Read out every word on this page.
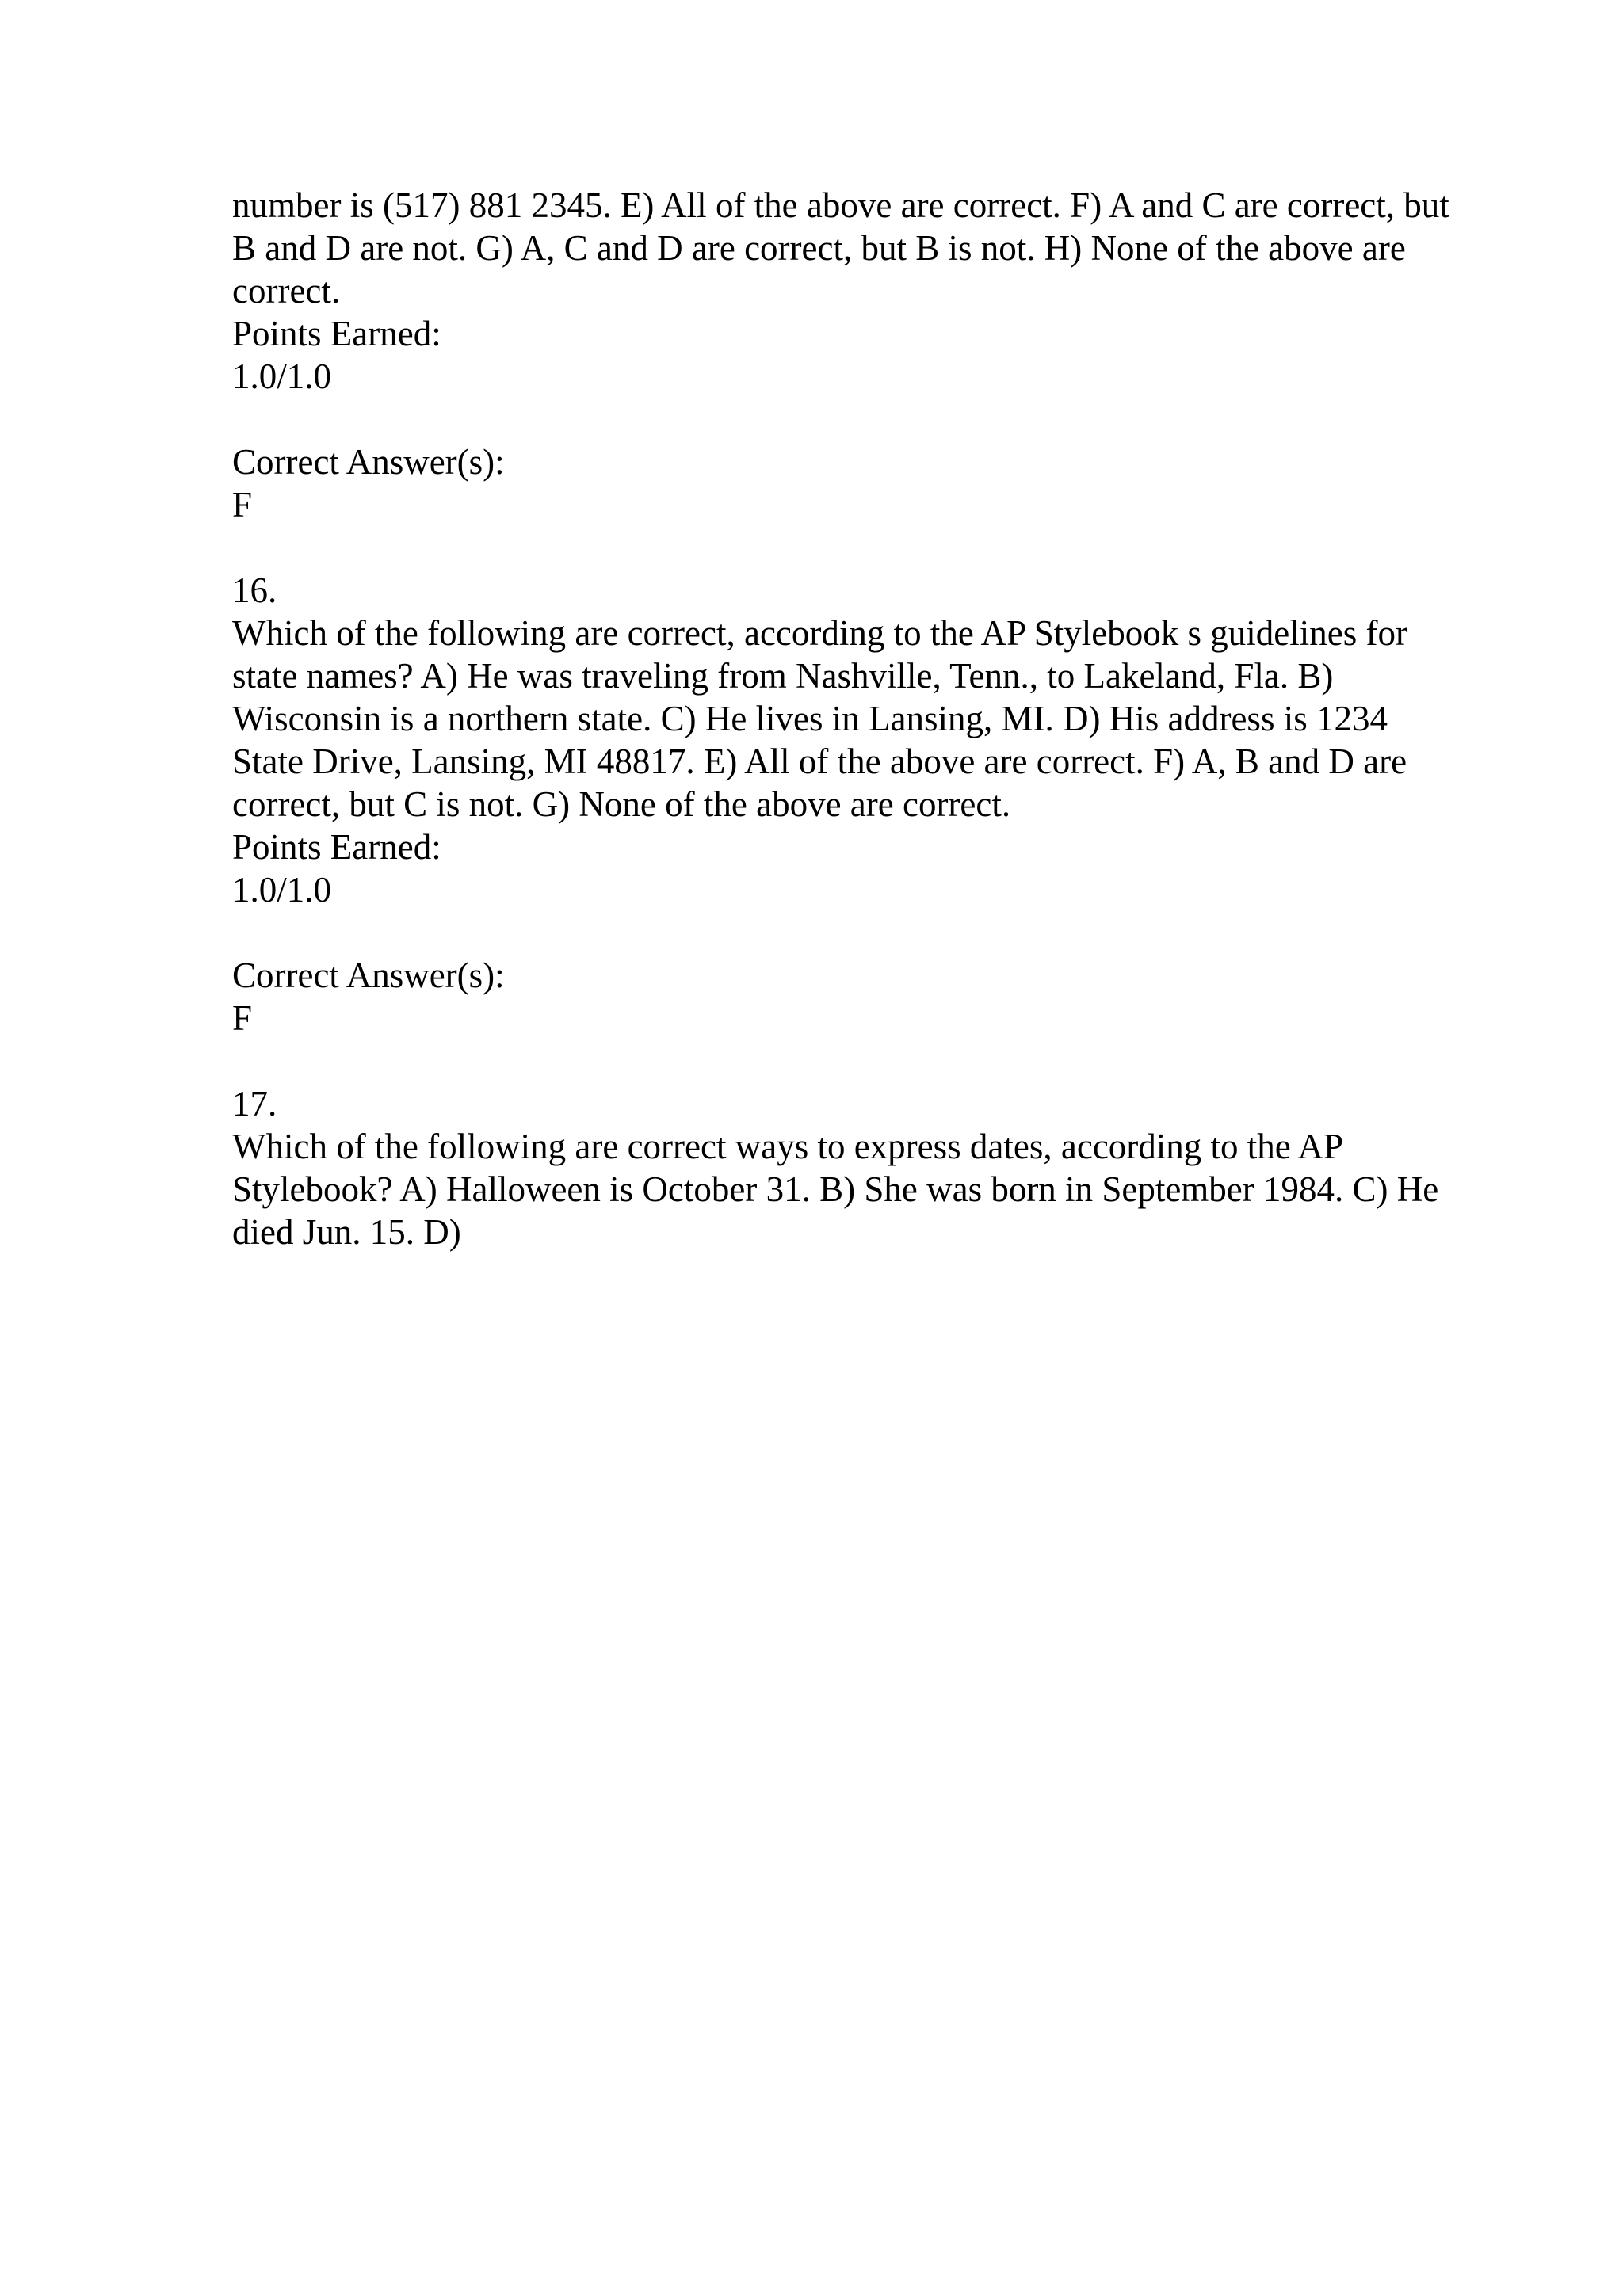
number is (517) 881 2345. E) All of the above are correct. F) A and C are correct, but
B and D are not. G) A, C and D are correct, but B is not. H) None of the above are
correct.
Points Earned:
1.0/1.0
Correct Answer(s):
F
16.
Which of the following are correct, according to the AP Stylebook s guidelines for
state names? A) He was traveling from Nashville, Tenn., to Lakeland, Fla. B)
Wisconsin is a northern state. C) He lives in Lansing, MI. D) His address is 1234
State Drive, Lansing, MI 48817. E) All of the above are correct. F) A, B and D are
correct, but C is not. G) None of the above are correct.
Points Earned:
1.0/1.0
Correct Answer(s):
F
17.
Which of the following are correct ways to express dates, according to the AP
Stylebook? A) Halloween is October 31. B) She was born in September 1984. C) He
died Jun. 15. D)
